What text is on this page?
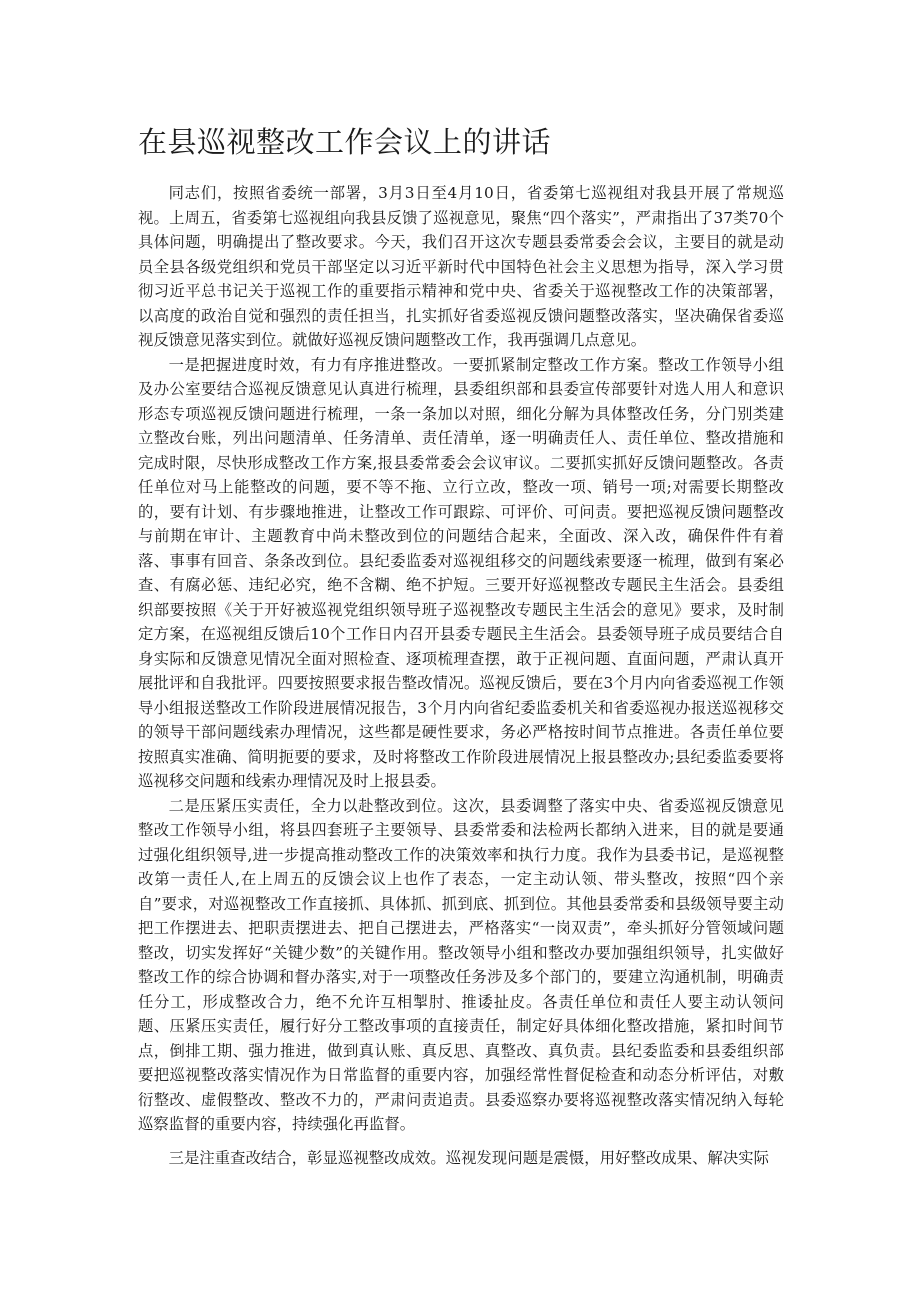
在县巡视整改工作会议上的讲话

同志们，按照省委统一部署，3月3日至4月10日，省委第七巡视组对我县开展了常规巡视。上周五，省委第七巡视组向我县反馈了巡视意见，聚焦“四个落实”，严肃指出了37类70个具体问题，明确提出了整改要求。今天，我们召开这次专题县委常委会会议，主要目的就是动员全县各级党组织和党员干部坚定以习近平新时代中国特色社会主义思想为指导，深入学习贯彻习近平总书记关于巡视工作的重要指示精神和党中央、省委关于巡视整改工作的决策部署，以高度的政治自觉和强烈的责任担当，扎实抓好省委巡视反馈问题整改落实，坚决确保省委巡视反馈意见落实到位。就做好巡视反馈问题整改工作，我再强调几点意见。

一是把握进度时效，有力有序推进整改。一要抓紧制定整改工作方案。整改工作领导小组及办公室要结合巡视反馈意见认真进行梳理，县委组织部和县委宣传部要针对选人用人和意识形态专项巡视反馈问题进行梳理，一条一条加以对照，细化分解为具体整改任务，分门别类建立整改台账，列出问题清单、任务清单、责任清单，逐一明确责任人、责任单位、整改措施和完成时限，尽快形成整改工作方案,报县委常委会会议审议。二要抓实抓好反馈问题整改。各责任单位对马上能整改的问题，要不等不拖、立行立改，整改一项、销号一项;对需要长期整改的，要有计划、有步骤地推进，让整改工作可跟踪、可评价、可问责。要把巡视反馈问题整改与前期在审计、主题教育中尚未整改到位的问题结合起来，全面改、深入改，确保件件有着落、事事有回音、条条改到位。县纪委监委对巡视组移交的问题线索要逐一梳理，做到有案必查、有腐必惩、违纪必究，绝不含糊、绝不护短。三要开好巡视整改专题民主生活会。县委组织部要按照《关于开好被巡视党组织领导班子巡视整改专题民主生活会的意见》要求，及时制定方案，在巡视组反馈后10个工作日内召开县委专题民主生活会。县委领导班子成员要结合自身实际和反馈意见情况全面对照检查、逐项梳理查摆，敢于正视问题、直面问题，严肃认真开展批评和自我批评。四要按照要求报告整改情况。巡视反馈后，要在3个月内向省委巡视工作领导小组报送整改工作阶段进展情况报告，3个月内向省纪委监委机关和省委巡视办报送巡视移交的领导干部问题线索办理情况，这些都是硬性要求，务必严格按时间节点推进。各责任单位要按照真实准确、简明扼要的要求，及时将整改工作阶段进展情况上报县整改办;县纪委监委要将巡视移交问题和线索办理情况及时上报县委。

二是压紧压实责任，全力以赴整改到位。这次，县委调整了落实中央、省委巡视反馈意见整改工作领导小组，将县四套班子主要领导、县委常委和法检两长都纳入进来，目的就是要通过强化组织领导,进一步提高推动整改工作的决策效率和执行力度。我作为县委书记，是巡视整改第一责任人,在上周五的反馈会议上也作了表态，一定主动认领、带头整改，按照“四个亲自”要求，对巡视整改工作直接抓、具体抓、抓到底、抓到位。其他县委常委和县级领导要主动把工作摆进去、把职责摆进去、把自己摆进去，严格落实“一岗双责”，牵头抓好分管领域问题整改，切实发挥好“关键少数”的关键作用。整改领导小组和整改办要加强组织领导，扎实做好整改工作的综合协调和督办落实,对于一项整改任务涉及多个部门的，要建立沟通机制，明确责任分工，形成整改合力，绝不允许互相掣肘、推诿扯皮。各责任单位和责任人要主动认领问题、压紧压实责任，履行好分工整改事项的直接责任，制定好具体细化整改措施，紧扣时间节点，倒排工期、强力推进，做到真认账、真反思、真整改、真负责。县纪委监委和县委组织部要把巡视整改落实情况作为日常监督的重要内容，加强经常性督促检查和动态分析评估，对敷衍整改、虚假整改、整改不力的，严肃问责追责。县委巡察办要将巡视整改落实情况纳入每轮巡察监督的重要内容，持续强化再监督。

三是注重查改结合，彰显巡视整改成效。巡视发现问题是震慑，用好整改成果、解决实际
